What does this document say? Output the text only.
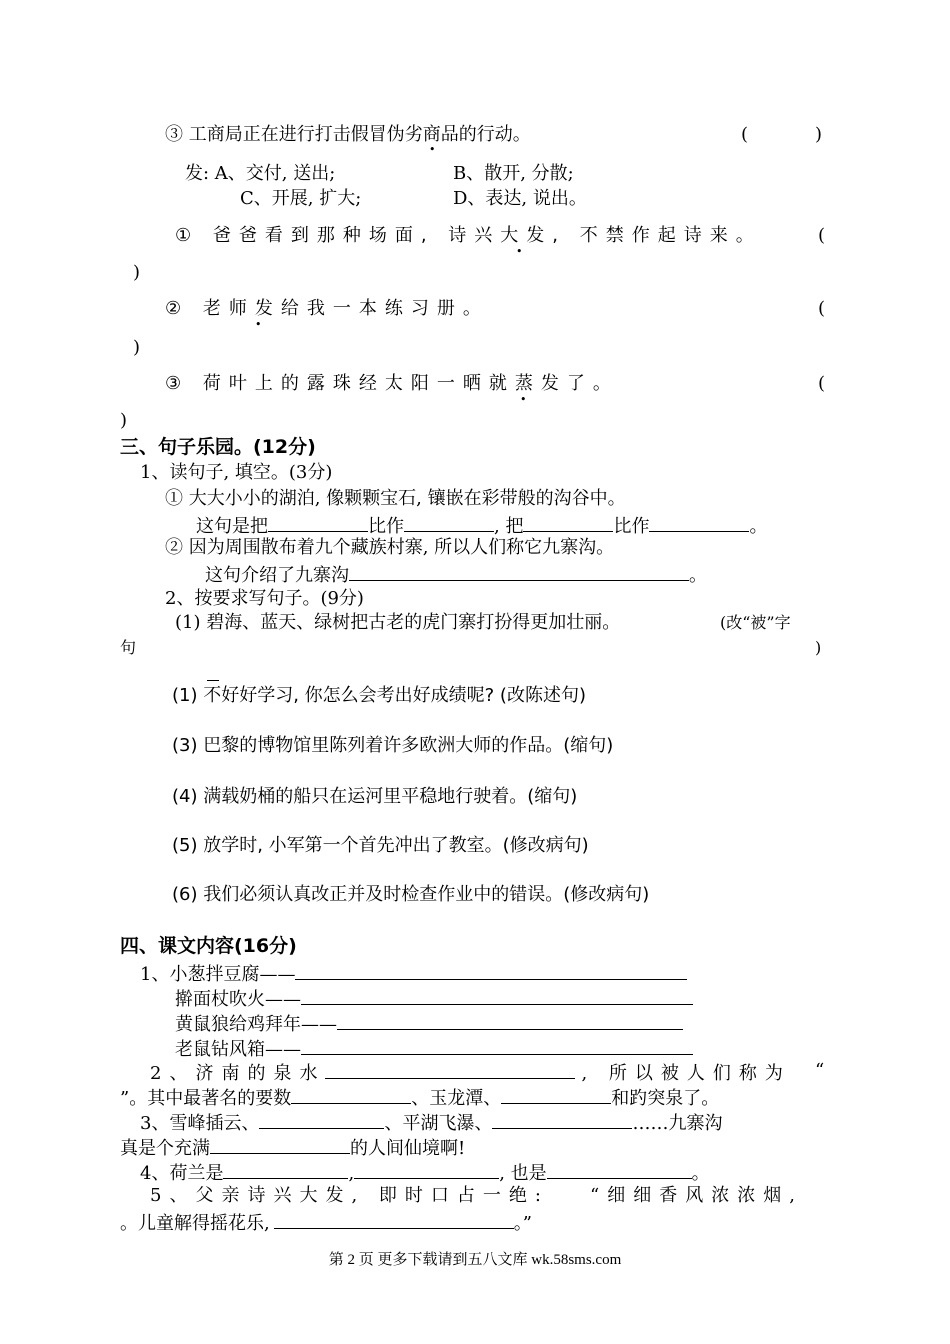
③ 工商局正在进行打击假冒伪劣商品的行动。
•
(	)
发: A、交付, 送出;	B、散开, 分散;
C、开展, 扩大;	D、表达, 说出。
① 爸爸看到那种场面, 诗兴大发, 不禁作起诗来。
•
(
)
② 老师发给我一本练习册。
•
(
)
③ 荷叶上的露珠经太阳一晒就蒸发了。
•
(
)
三、句子乐园。(12分)
1、读句子, 填空。(3分)
① 大大小小的湖泊, 像颗颗宝石, 镶嵌在彩带般的沟谷中。
这句是把	比作	, 把	比作	。
② 因为周围散布着九个藏族村寨, 所以人们称它九寨沟。
这句介绍了九寨沟	。
2、按要求写句子。(9分)
(1) 碧海、蓝天、绿树把古老的虎门寨打扮得更加壮丽。	(改“被”字
句	)
(1) 不好好学习, 你怎么会考出好成绩呢? (改陈述句)
(3) 巴黎的博物馆里陈列着许多欧洲大师的作品。(缩句)
(4) 满载奶桶的船只在运河里平稳地行驶着。(缩句)
(5) 放学时, 小军第一个首先冲出了教室。(修改病句)
(6) 我们必须认真改正并及时检查作业中的错误。(修改病句)
四、课文内容(16分)
1、小葱拌豆腐——
擀面杖吹火——
黄鼠狼给鸡拜年——
老鼠钻风箱——
2、济南的泉水	, 所以被人们称为 “
”。其中最著名的要数	、玉龙潭、	和趵突泉了。
3、雪峰插云、	、平湖飞瀑、	……九寨沟
真是个充满	的人间仙境啊!
4、荷兰是	,	, 也是	。
5、父亲诗兴大发, 即时口占一绝: “细细香风浓浓烟,
。儿童解得摇花乐,	。”
第 2 页 更多下载请到五八文库 wk.58sms.com
